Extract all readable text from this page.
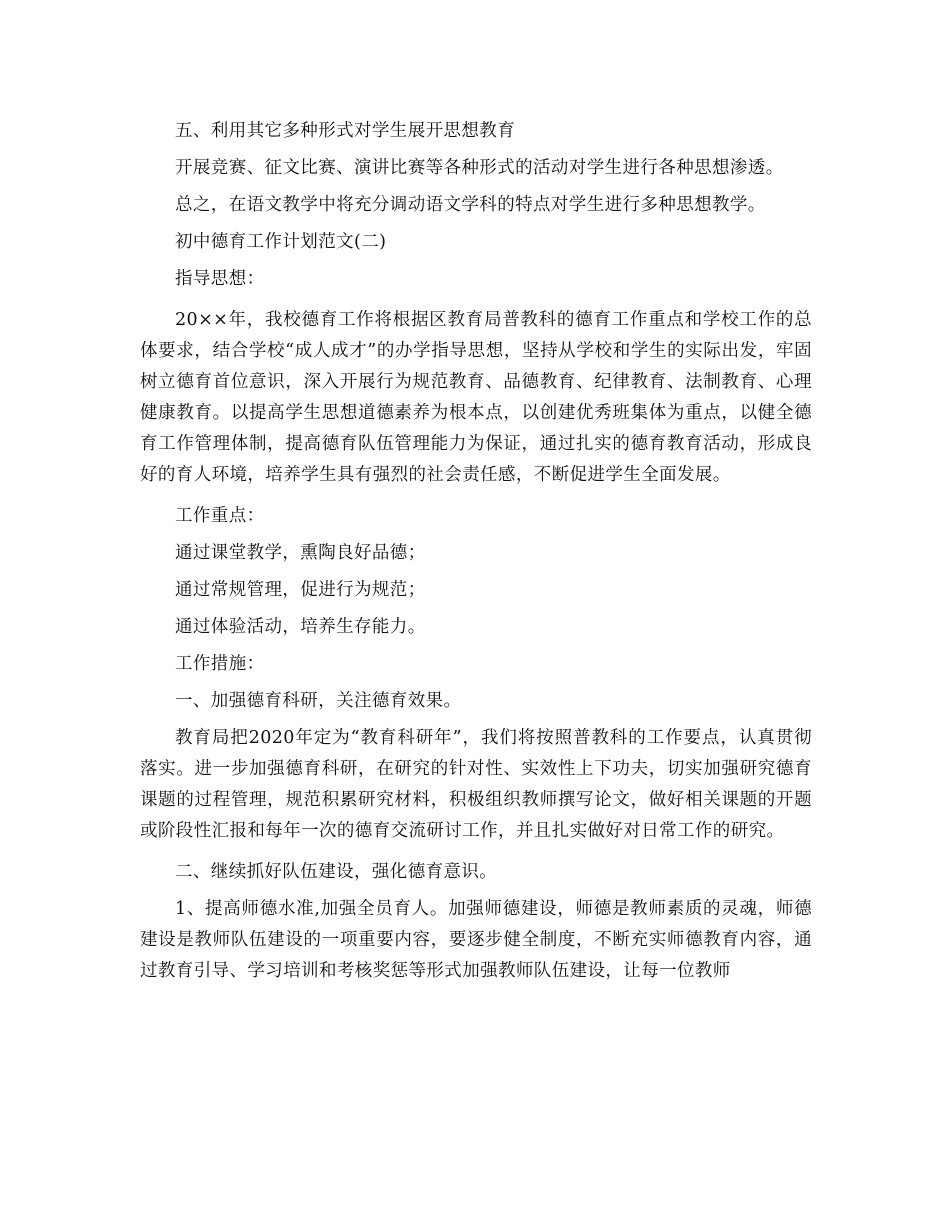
五、利用其它多种形式对学生展开思想教育

开展竞赛、征文比赛、演讲比赛等各种形式的活动对学生进行各种思想渗透。

总之，在语文教学中将充分调动语文学科的特点对学生进行多种思想教学。

初中德育工作计划范文(二)

指导思想：

20××年，我校德育工作将根据区教育局普教科的德育工作重点和学校工作的总体要求，结合学校“成人成才”的办学指导思想，坚持从学校和学生的实际出发，牢固树立德育首位意识，深入开展行为规范教育、品德教育、纪律教育、法制教育、心理健康教育。以提高学生思想道德素养为根本点，以创建优秀班集体为重点，以健全德育工作管理体制，提高德育队伍管理能力为保证，通过扎实的德育教育活动，形成良好的育人环境，培养学生具有强烈的社会责任感，不断促进学生全面发展。

工作重点：

通过课堂教学，熏陶良好品德；

通过常规管理，促进行为规范；

通过体验活动，培养生存能力。

工作措施：

一、加强德育科研，关注德育效果。

教育局把2020年定为“教育科研年”，我们将按照普教科的工作要点，认真贯彻落实。进一步加强德育科研，在研究的针对性、实效性上下功夫，切实加强研究德育课题的过程管理，规范积累研究材料，积极组织教师撰写论文，做好相关课题的开题或阶段性汇报和每年一次的德育交流研讨工作，并且扎实做好对日常工作的研究。

二、继续抓好队伍建设，强化德育意识。

1、提高师德水准,加强全员育人。加强师德建设，师德是教师素质的灵魂，师德建设是教师队伍建设的一项重要内容，要逐步健全制度，不断充实师德教育内容，通过教育引导、学习培训和考核奖惩等形式加强教师队伍建设，让每一位教师
